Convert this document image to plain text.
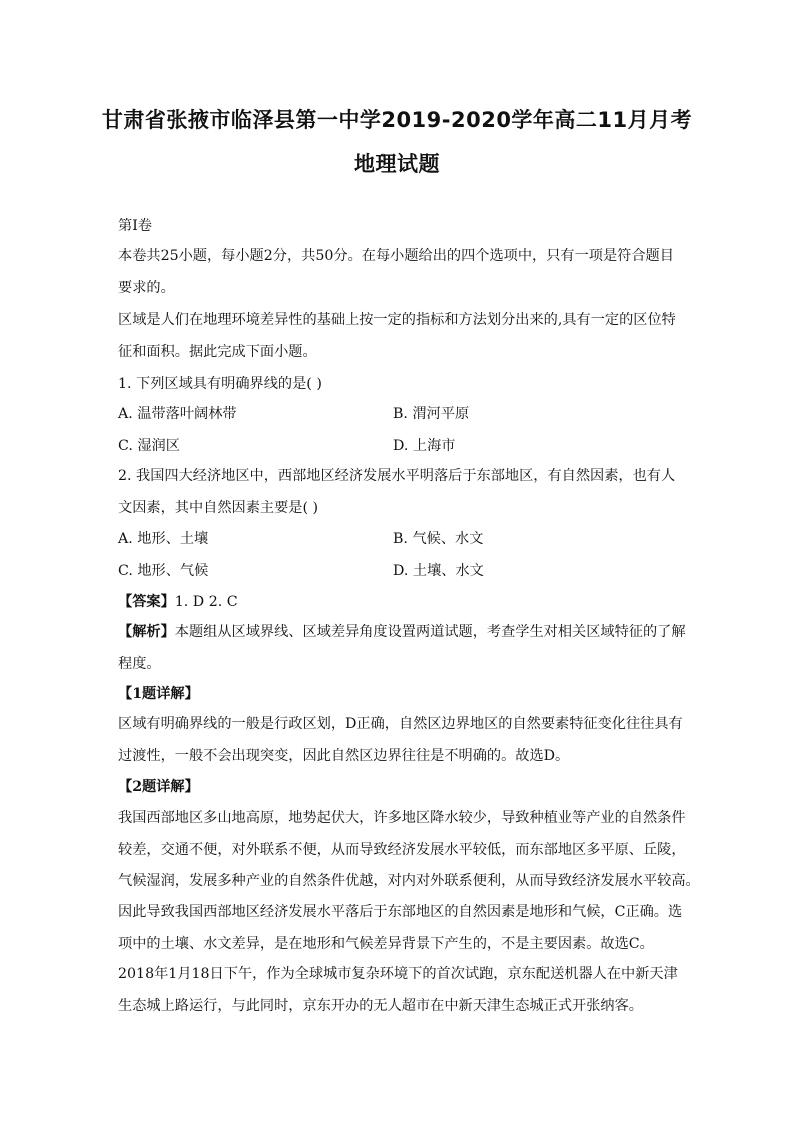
甘肃省张掖市临泽县第一中学2019-2020学年高二11月月考
地理试题
第Ⅰ卷
本卷共25小题，每小题2分，共50分。在每小题给出的四个选项中，只有一项是符合题目
要求的。
区域是人们在地理环境差异性的基础上按一定的指标和方法划分出来的,具有一定的区位特
征和面积。据此完成下面小题。
1. 下列区域具有明确界线的是( )
A. 温带落叶阔林带	B. 渭河平原
C. 湿润区	D. 上海市
2. 我国四大经济地区中，西部地区经济发展水平明落后于东部地区，有自然因素，也有人
文因素，其中自然因素主要是( )
A. 地形、土壤	B. 气候、水文
C. 地形、气候	D. 土壤、水文
【答案】1. D 2. C
【解析】本题组从区域界线、区域差异角度设置两道试题，考查学生对相关区域特征的了解
程度。
【1题详解】
区域有明确界线的一般是行政区划，D正确，自然区边界地区的自然要素特征变化往往具有
过渡性，一般不会出现突变，因此自然区边界往往是不明确的。故选D。
【2题详解】
我国西部地区多山地高原，地势起伏大，许多地区降水较少，导致种植业等产业的自然条件
较差，交通不便，对外联系不便，从而导致经济发展水平较低，而东部地区多平原、丘陵，
气候湿润，发展多种产业的自然条件优越，对内对外联系便利，从而导致经济发展水平较高。
因此导致我国西部地区经济发展水平落后于东部地区的自然因素是地形和气候，C正确。选
项中的土壤、水文差异，是在地形和气候差异背景下产生的，不是主要因素。故选C。
2018年1月18日下午，作为全球城市复杂环境下的首次试跑，京东配送机器人在中新天津
生态城上路运行，与此同时，京东开办的无人超市在中新天津生态城正式开张纳客。
